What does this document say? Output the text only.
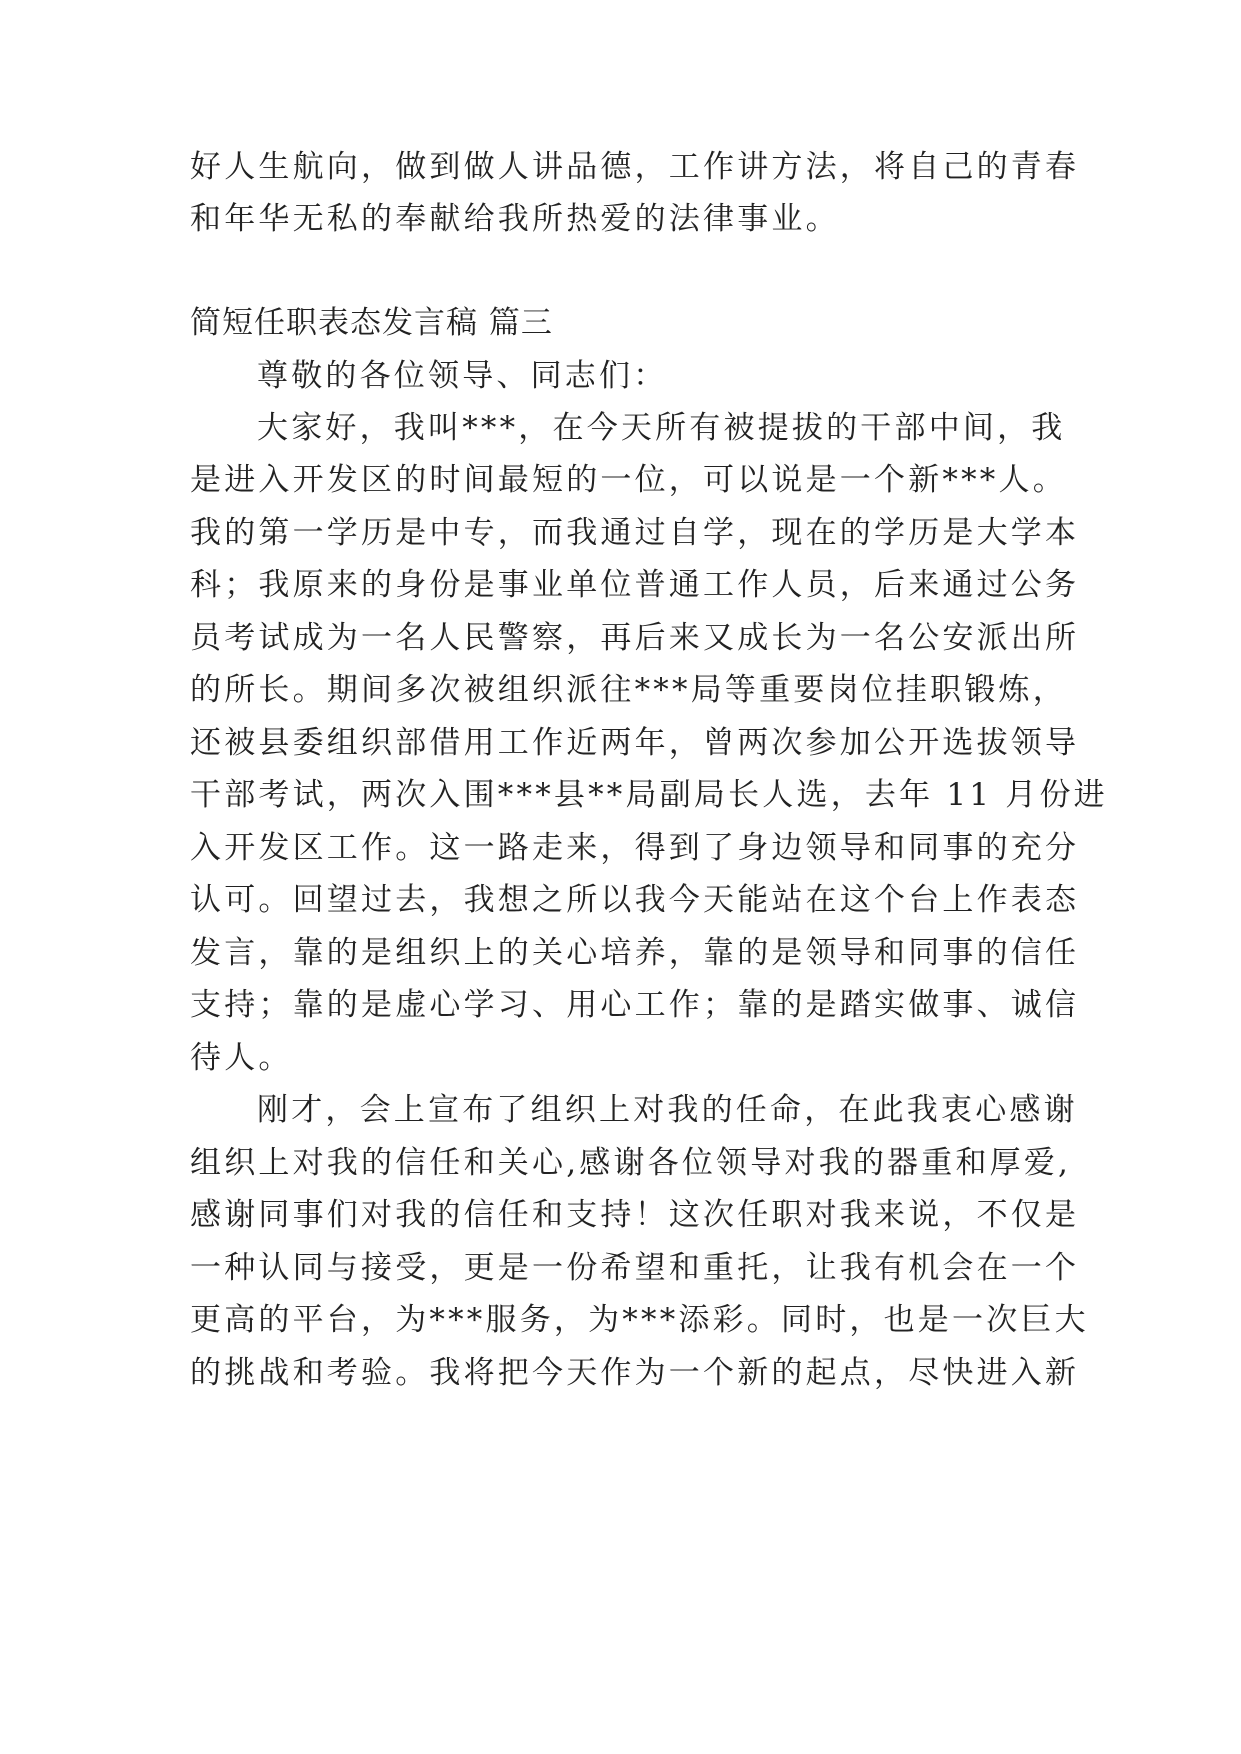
好人生航向，做到做人讲品德，工作讲方法，将自己的青春
和年华无私的奉献给我所热爱的法律事业。
简短任职表态发言稿 篇三
尊敬的各位领导、同志们：
大家好，我叫***，在今天所有被提拔的干部中间，我
是进入开发区的时间最短的一位，可以说是一个新***人。
我的第一学历是中专，而我通过自学，现在的学历是大学本
科；我原来的身份是事业单位普通工作人员，后来通过公务
员考试成为一名人民警察，再后来又成长为一名公安派出所
的所长。期间多次被组织派往***局等重要岗位挂职锻炼，
还被县委组织部借用工作近两年，曾两次参加公开选拔领导
干部考试，两次入围***县**局副局长人选，去年 11 月份进
入开发区工作。这一路走来，得到了身边领导和同事的充分
认可。回望过去，我想之所以我今天能站在这个台上作表态
发言，靠的是组织上的关心培养，靠的是领导和同事的信任
支持；靠的是虚心学习、用心工作；靠的是踏实做事、诚信
待人。
刚才，会上宣布了组织上对我的任命，在此我衷心感谢
组织上对我的信任和关心,感谢各位领导对我的器重和厚爱,
感谢同事们对我的信任和支持！这次任职对我来说，不仅是
一种认同与接受，更是一份希望和重托，让我有机会在一个
更高的平台，为***服务，为***添彩。同时，也是一次巨大
的挑战和考验。我将把今天作为一个新的起点，尽快进入新
